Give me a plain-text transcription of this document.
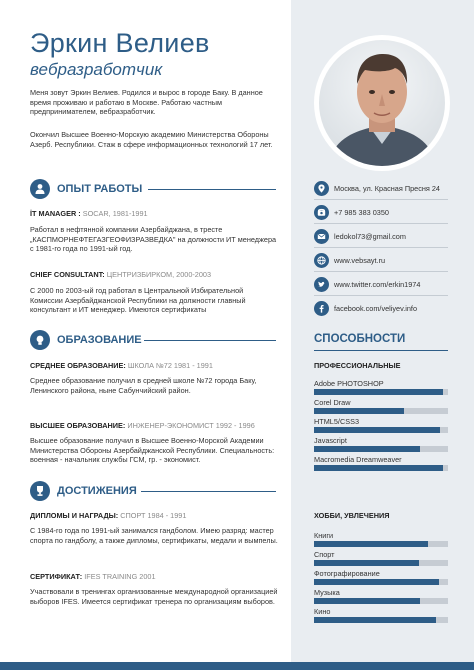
Эркин Велиев
вебразработчик
Меня зовут Эркин Велиев. Родился и вырос в городе Баку. В данное время проживаю и работаю в Москве. Работаю частным предпринимателем, вебразработчик.
Окончил Высшее Военно-Морскую академию Министерства Обороны Азерб. Республики. Стаж в сфере информационных технологий 17 лет.
ОПЫТ РАБОТЫ
İT MANAGER : SOCAR, 1981-1991
Работал в нефтянной компании Азербайджана, в тресте „КАСПМОРНЕФТЕГАЗГЕОФИЗРАЗВЕДКА" на должности ИТ менеджера с 1981-го года по 1991-ый год.
CHIEF CONSULTANT: ЦЕНТРИЗБИРКОМ, 2000-2003
С 2000 по 2003-ый год работал в Центральной Избирательной Комиссии Азербайджанской Республики на должности главный консультант и ИТ менеджер. Имеются сертификаты
ОБРАЗОВАНИЕ
СРЕДНЕЕ ОБРАЗОВАНИЕ: ШКОЛА №72 1981 - 1991
Среднее образование получил в средней школе №72 города Баку, Ленинского района, ныне Сабунчийский район.
ВЫСШЕЕ ОБРАЗОВАНИЕ: ИНЖЕНЕР-ЭКОНОМИСТ 1992 - 1996
Высшее образование получил в Высшее Военно-Морской Академии Министерства Обороны Азербайджанской Республики. Специальность: военная - начальник службы ГСМ, гр. - экономист.
ДОСТИЖЕНИЯ
ДИПЛОМЫ И НАГРАДЫ: СПОРТ 1984 - 1991
С 1984-го года по 1991-ый занимался гандболом. Имею разряд: мастер спорта по гандболу, а также дипломы, сертификаты, медали и вымпелы.
СЕРТИФИКАТ: IFES TRAINING 2001
Участвовали в тренингах организованные международной организацией выборов IFES. Имеется сертификат тренера по организациям выборов.
Москва, ул. Красная Пресня 24
+7 985 383 0350
ledokol73@gmail.com
www.vebsayt.ru
www.twitter.com/erkin1974
facebook.com/veliyev.info
СПОСОБНОСТИ
ПРОФЕССИОНАЛЬНЫЕ
Adobe PHOTOSHOP
Corel Draw
HTML5/CSS3
Javascript
Macromedia Dreamweaver
ХОББИ, УВЛЕЧЕНИЯ
Книги
Спорт
Фотографирование
Музыка
Кино
